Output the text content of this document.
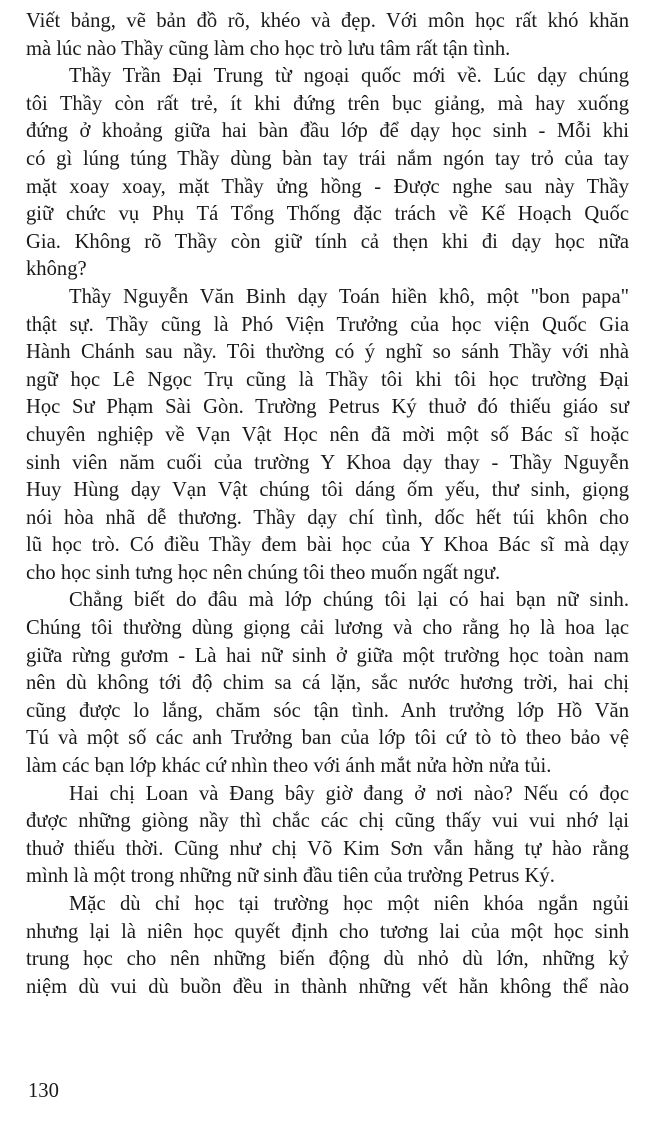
Viết bảng, vẽ bản đồ rõ, khéo và đẹp. Với môn học rất khó khăn
mà lúc nào Thầy cũng làm cho học trò lưu tâm rất tận tình.

Thầy Trần Đại Trung từ ngoại quốc mới về. Lúc dạy chúng
tôi Thầy còn rất trẻ, ít khi đứng trên bục giảng, mà hay xuống
đứng ở khoảng giữa hai bàn đầu lớp để dạy học sinh - Mỗi khi
có gì lúng túng Thầy dùng bàn tay trái nắm ngón tay trỏ của tay
mặt xoay xoay, mặt Thầy ửng hồng - Được nghe sau này Thầy
giữ chức vụ Phụ Tá Tổng Thống đặc trách về Kế Hoạch Quốc
Gia. Không rõ Thầy còn giữ tính cả thẹn khi đi dạy học nữa
không?

Thầy Nguyễn Văn Binh dạy Toán hiền khô, một "bon papa"
thật sự. Thầy cũng là Phó Viện Trưởng của học viện Quốc Gia
Hành Chánh sau nầy. Tôi thường có ý nghĩ so sánh Thầy với nhà
ngữ học Lê Ngọc Trụ cũng là Thầy tôi khi tôi học trường Đại
Học Sư Phạm Sài Gòn. Trường Petrus Ký thuở đó thiếu giáo sư
chuyên nghiệp về Vạn Vật Học nên đã mời một số Bác sĩ hoặc
sinh viên năm cuối của trường Y Khoa dạy thay - Thầy Nguyễn
Huy Hùng dạy Vạn Vật chúng tôi dáng ốm yếu, thư sinh, giọng
nói hòa nhã dễ thương. Thầy dạy chí tình, dốc hết túi khôn cho
lũ học trò. Có điều Thầy đem bài học của Y Khoa Bác sĩ mà dạy
cho học sinh tưng học nên chúng tôi theo muốn ngất ngư.

Chẳng biết do đâu mà lớp chúng tôi lại có hai bạn nữ sinh.
Chúng tôi thường dùng giọng cải lương và cho rằng họ là hoa lạc
giữa rừng gươm - Là hai nữ sinh ở giữa một trường học toàn nam
nên dù không tới độ chim sa cá lặn, sắc nước hương trời, hai chị
cũng được lo lắng, chăm sóc tận tình. Anh trưởng lớp Hồ Văn
Tú và một số các anh Trưởng ban của lớp tôi cứ tò tò theo bảo vệ
làm các bạn lớp khác cứ nhìn theo với ánh mắt nửa hờn nửa tủi.

Hai chị Loan và Đang bây giờ đang ở nơi nào? Nếu có đọc
được những giòng nầy thì chắc các chị cũng thấy vui vui nhớ lại
thuở thiếu thời. Cũng như chị Võ Kim Sơn vẫn hằng tự hào rằng
mình là một trong những nữ sinh đầu tiên của trường Petrus Ký.

Mặc dù chỉ học tại trường học một niên khóa ngắn ngủi
nhưng lại là niên học quyết định cho tương lai của một học sinh
trung học cho nên những biến động dù nhỏ dù lớn, những kỷ
niệm dù vui dù buồn đều in thành những vết hằn không thể nào

130
